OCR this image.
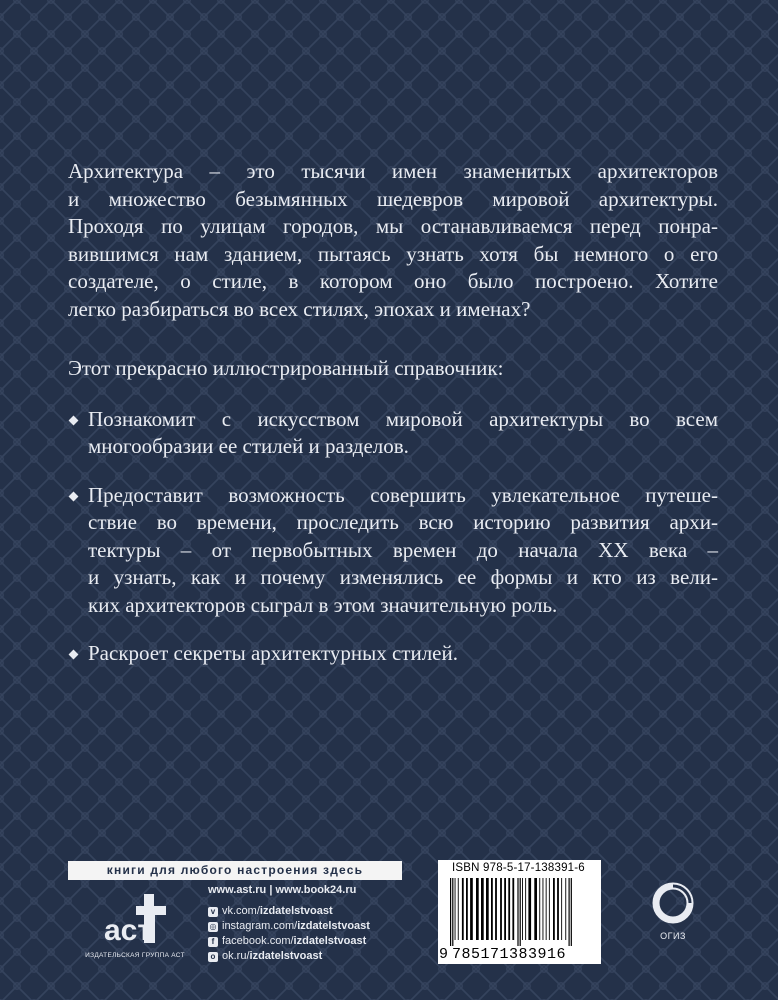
Архитектура – это тысячи имен знаменитых архитекторов
и множество безымянных шедевров мировой архитектуры.
Проходя по улицам городов, мы останавливаемся перед понра-
вившимся нам зданием, пытаясь узнать хотя бы немного о его
создателе, о стиле, в котором оно было построено. Хотите
легко разбираться во всех стилях, эпохах и именах?

Этот прекрасно иллюстрированный справочник:

Познакомит с искусством мировой архитектуры во всем
многообразии ее стилей и разделов.
Предоставит возможность совершить увлекательное путеше-
ствие во времени, проследить всю историю развития архи-
тектуры – от первобытных времен до начала XX века –
и узнать, как и почему изменялись ее формы и кто из вели-
ких архитекторов сыграл в этом значительную роль.
Раскроет секреты архитектурных стилей.
книги для любого настроения здесь
аст
ИЗДАТЕЛЬСКАЯ ГРУППА АСТ
www.ast.ru | www.book24.ru
v vk.com/ izdatelstvoast
◎ instagram.com/ izdatelstvoast
f facebook.com/ izdatelstvoast
o ok.ru/ izdatelstvoast
ISBN 978-5-17-138391-6
9 785171383916
ОГИЗ
